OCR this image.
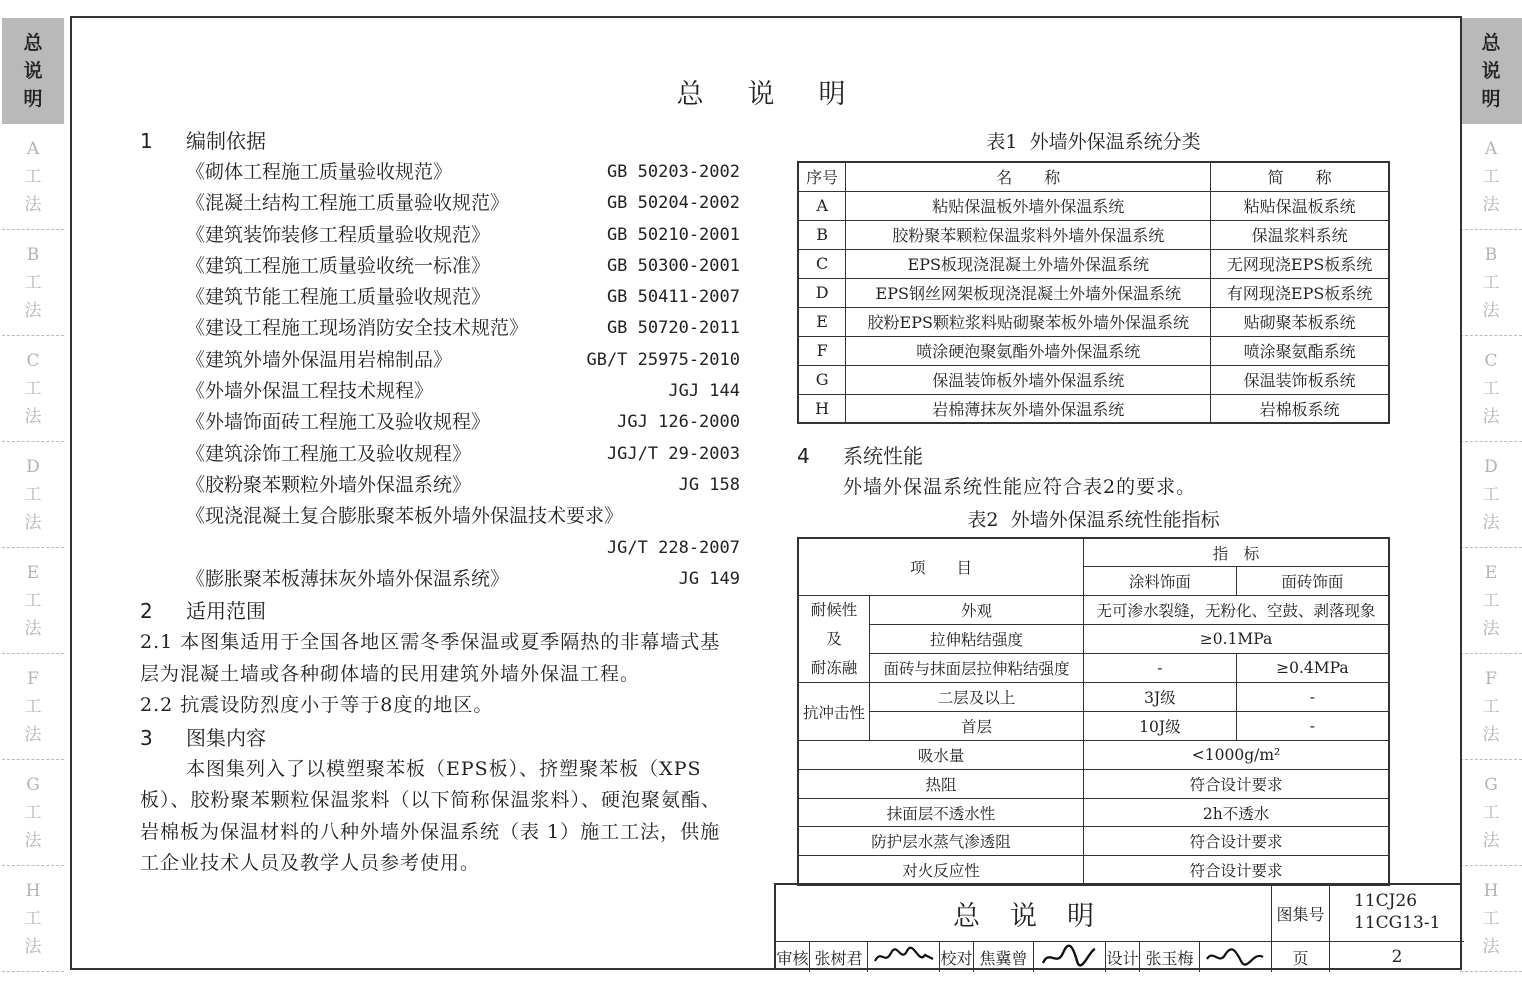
总
说
明
A
工
法
B
工
法
C
工
法
D
工
法
E
工
法
F
工
法
G
工
法
H
工
法
总
说
明
A
工
法
B
工
法
C
工
法
D
工
法
E
工
法
F
工
法
G
工
法
H
工
法
总说明
1	编制依据
《砌体工程施工质量验收规范》	GB 50203-2002
《混凝土结构工程施工质量验收规范》	GB 50204-2002
《建筑装饰装修工程质量验收规范》	GB 50210-2001
《建筑工程施工质量验收统一标准》	GB 50300-2001
《建筑节能工程施工质量验收规范》	GB 50411-2007
《建设工程施工现场消防安全技术规范》	GB 50720-2011
《建筑外墙外保温用岩棉制品》	GB/T 25975-2010
《外墙外保温工程技术规程》	JGJ 144
《外墙饰面砖工程施工及验收规程》	JGJ 126-2000
《建筑涂饰工程施工及验收规程》	JGJ/T 29-2003
《胶粉聚苯颗粒外墙外保温系统》	JG 158
《现浇混凝土复合膨胀聚苯板外墙外保温技术要求》
JG/T 228-2007
《膨胀聚苯板薄抹灰外墙外保温系统》	JG 149
2	适用范围

2.1 本图集适用于全国各地区需冬季保温或夏季隔热的非幕墙式基层为混凝土墙或各种砌体墙的民用建筑外墙外保温工程。

2.2 抗震设防烈度小于等于8度的地区。

3	图集内容

本图集列入了以模塑聚苯板（EPS板）、挤塑聚苯板（XPS板）、胶粉聚苯颗粒保温浆料（以下简称保温浆料）、硬泡聚氨酯、岩棉板为保温材料的八种外墙外保温系统（表 1）施工工法，供施工企业技术人员及教学人员参考使用。

表1 外墙外保温系统分类
序号	名　　称	简　　称
A	粘贴保温板外墙外保温系统	粘贴保温板系统
B	胶粉聚苯颗粒保温浆料外墙外保温系统	保温浆料系统
C	EPS板现浇混凝土外墙外保温系统	无网现浇EPS板系统
D	EPS钢丝网架板现浇混凝土外墙外保温系统	有网现浇EPS板系统
E	胶粉EPS颗粒浆料贴砌聚苯板外墙外保温系统	贴砌聚苯板系统
F	喷涂硬泡聚氨酯外墙外保温系统	喷涂聚氨酯系统
G	保温装饰板外墙外保温系统	保温装饰板系统
H	岩棉薄抹灰外墙外保温系统	岩棉板系统
4	系统性能

外墙外保温系统性能应符合表2的要求。

表2 外墙外保温系统性能指标
项　　目		指　标	
		涂料饰面	面砖饰面

耐候性
及
耐冻融	外观	无可渗水裂缝，无粉化、空鼓、剥落现象	
	拉伸粘结强度	≥0.1MPa	
	面砖与抹面层拉伸粘结强度	-	≥0.4MPa
抗冲击性	二层及以上	3J级	-
	首层	10J级	-
吸水量		<1000g/m²	
热阻		符合设计要求	
抹面层不透水性		2h不透水	
防护层水蒸气渗透阻		符合设计要求	
对火反应性		符合设计要求	
总说明	图集号
11CJ26
11CG13-1
审核 张树君	校对 焦冀曾	设计 张玉梅	页	2
